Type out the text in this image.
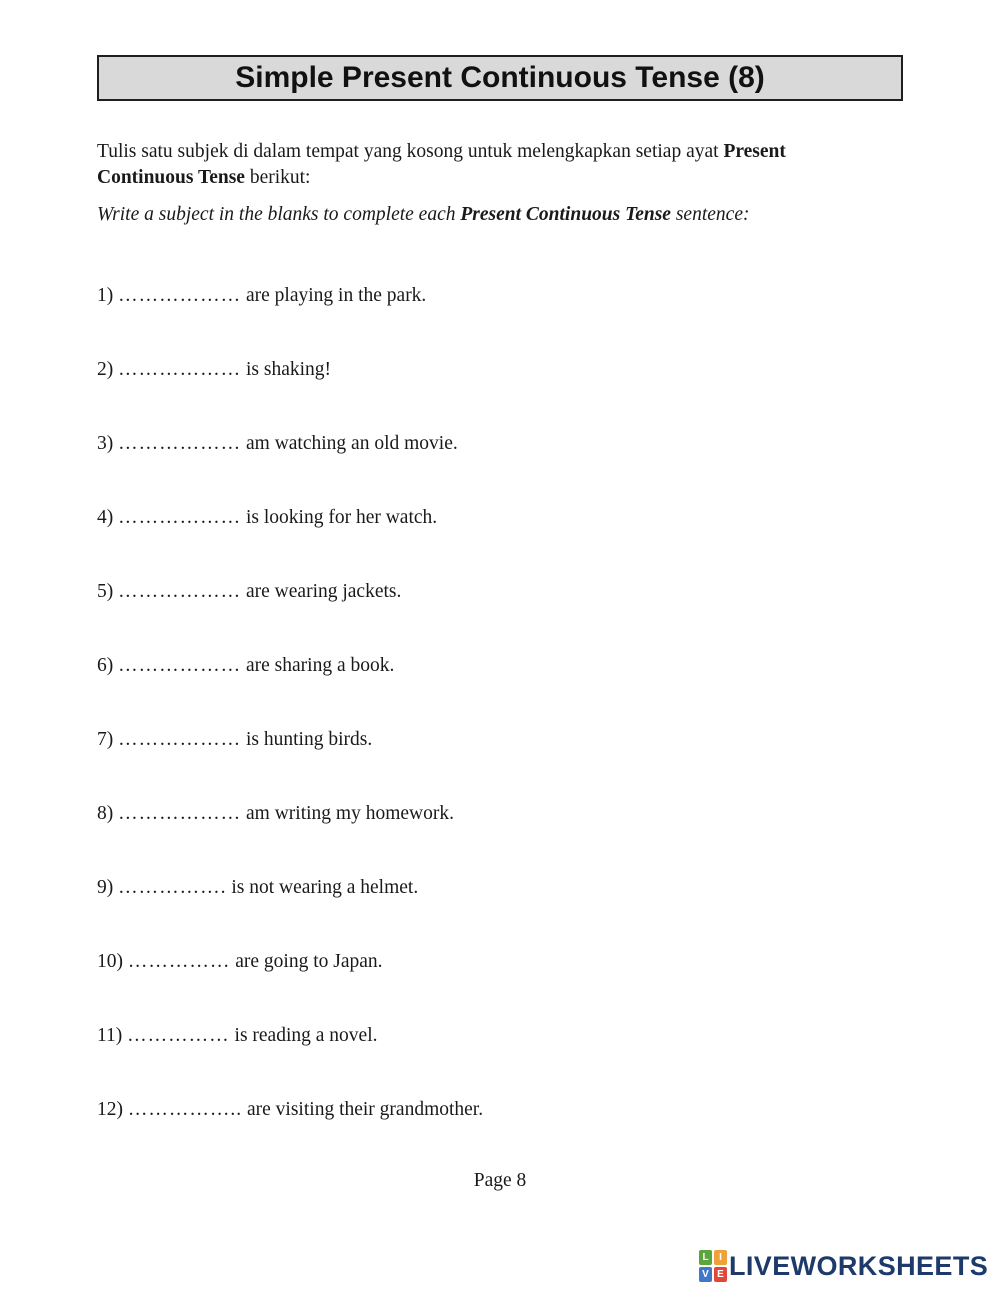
Simple Present Continuous Tense (8)
Tulis satu subjek di dalam tempat yang kosong untuk melengkapkan setiap ayat Present
Continuous Tense berikut:
Write a subject in the blanks to complete each Present Continuous Tense sentence:
1) ……………… are playing in the park.
2) ……………… is shaking!
3) ……………… am watching an old movie.
4) ……………… is looking for her watch.
5) ……………… are wearing jackets.
6) ……………… are sharing a book.
7) ……………… is hunting birds.
8) ……………… am writing my homework.
9) ……………. is not wearing a helmet.
10) …………… are going to Japan.
11) …………… is reading a novel.
12) …………….. are visiting their grandmother.
Page 8
L	I
V E LIVEWORKSHEETS
